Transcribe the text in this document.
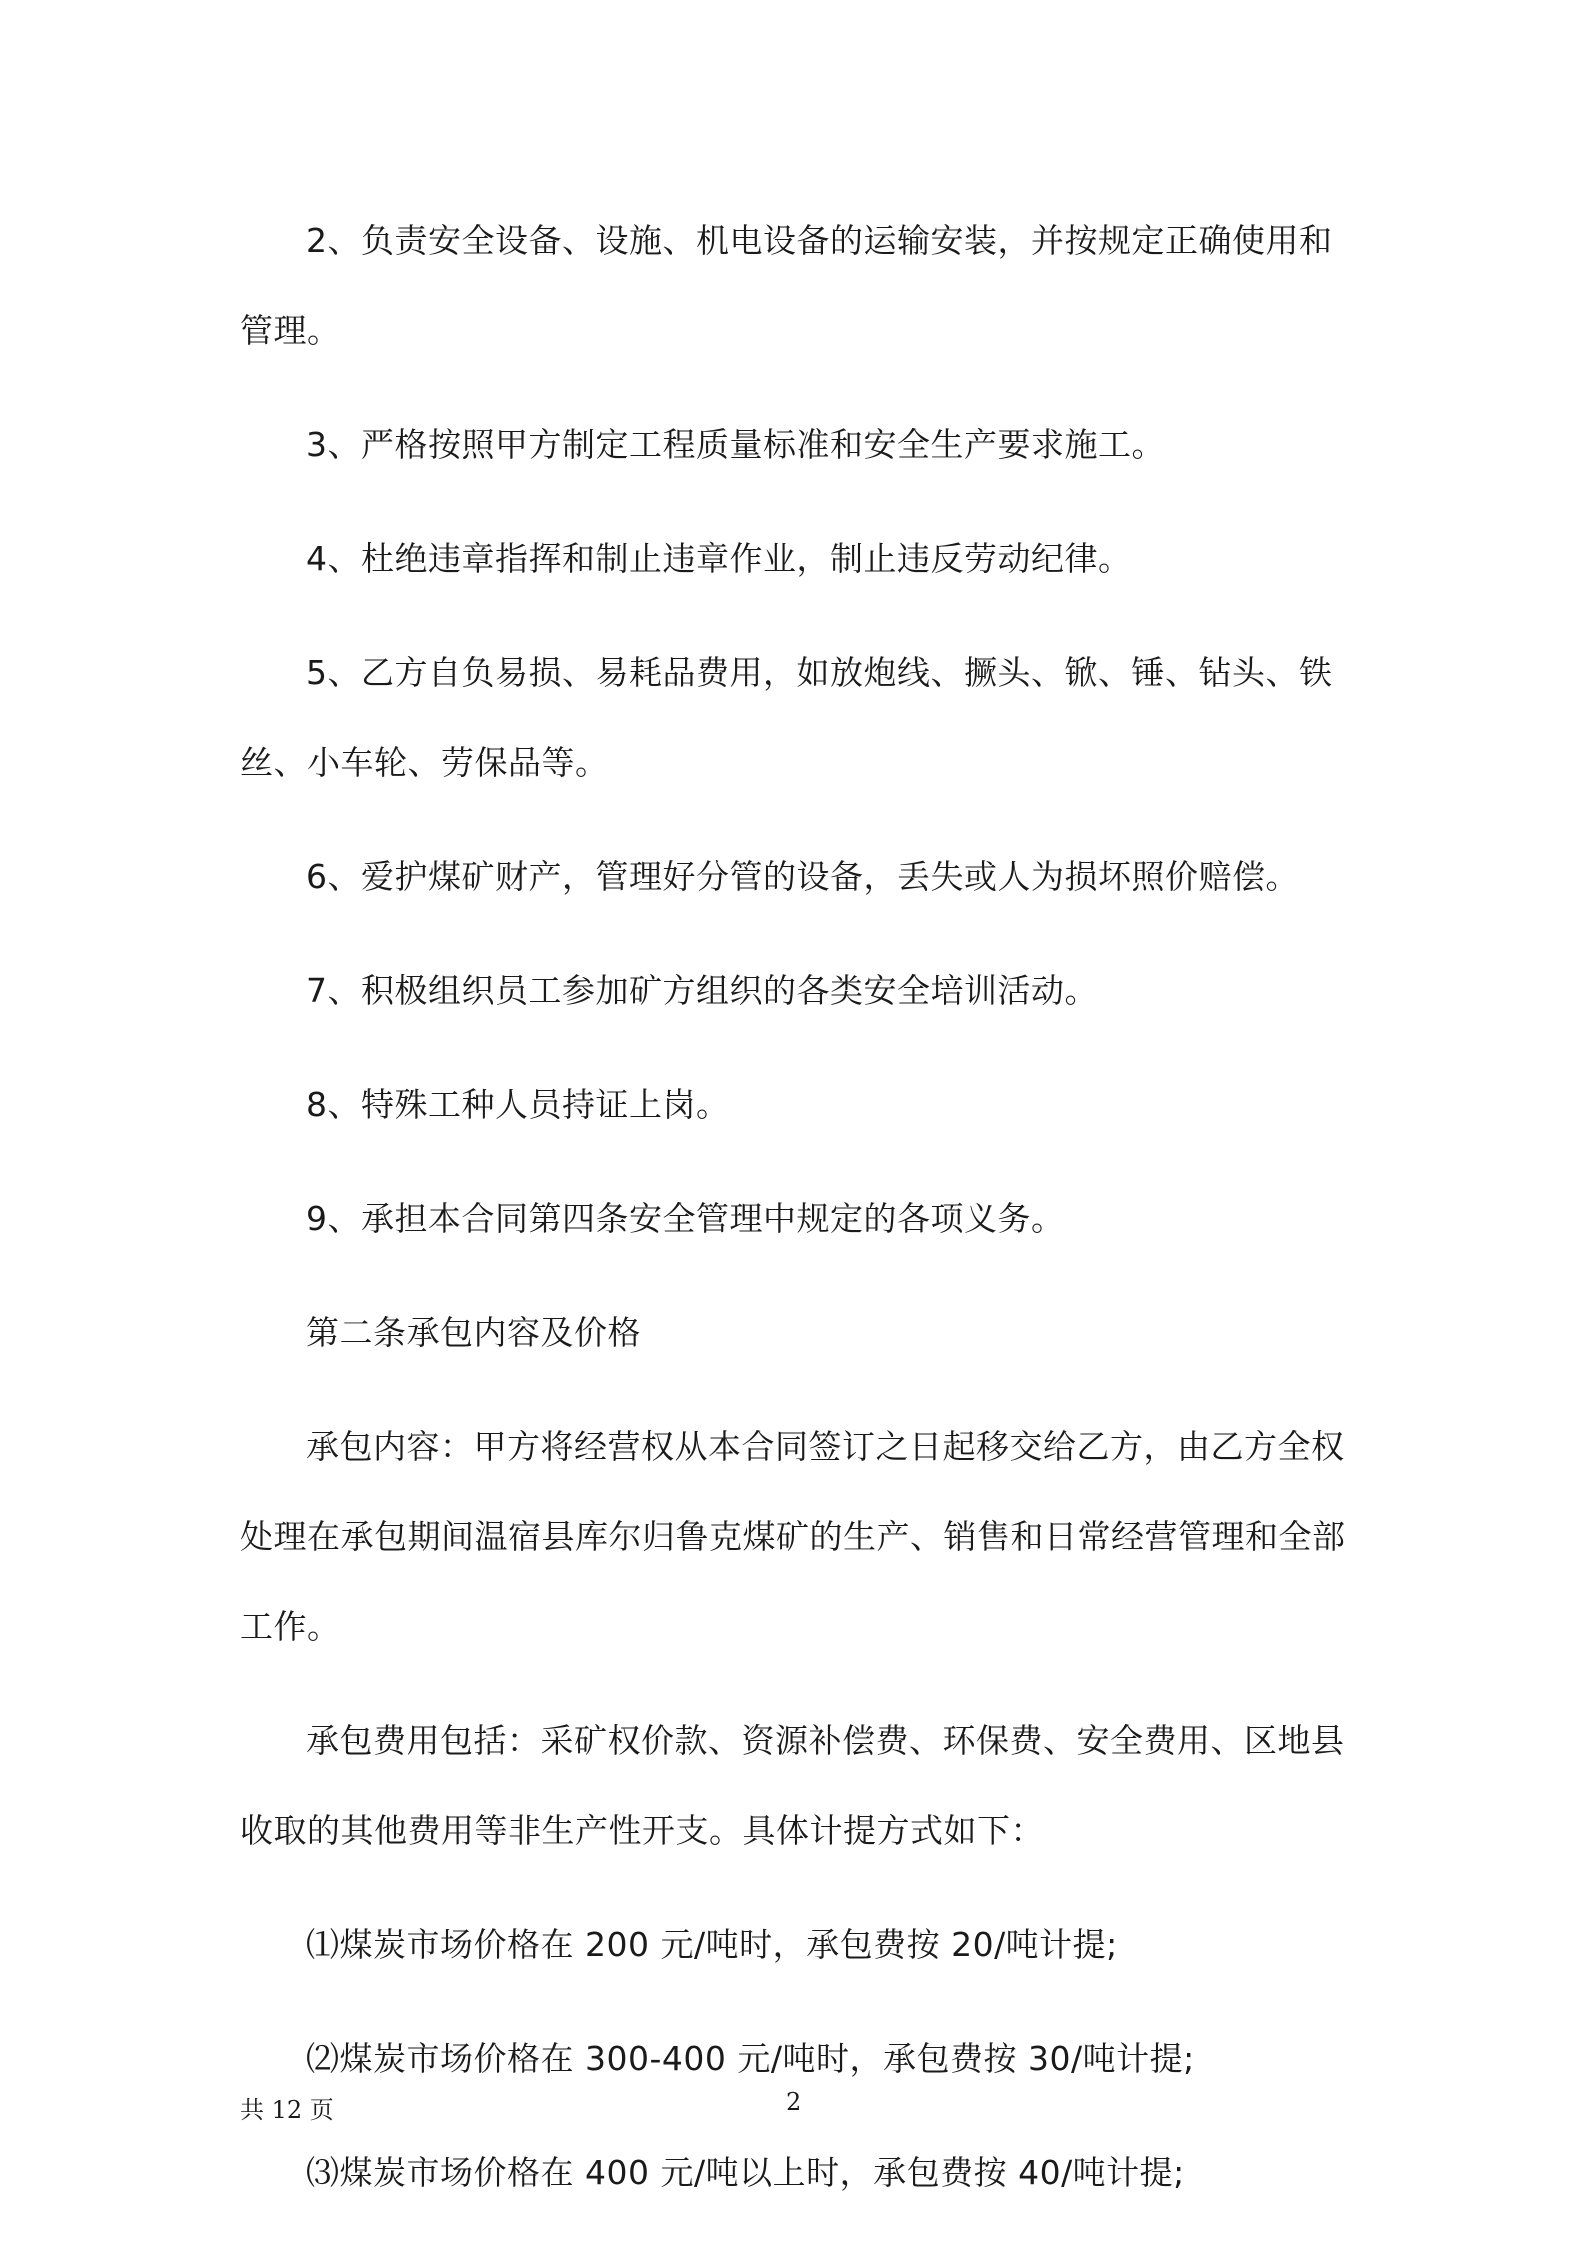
2、负责安全设备、设施、机电设备的运输安装，并按规定正确使用和管理。

3、严格按照甲方制定工程质量标准和安全生产要求施工。

4、杜绝违章指挥和制止违章作业，制止违反劳动纪律。

5、乙方自负易损、易耗品费用，如放炮线、撅头、锨、锤、钻头、铁丝、小车轮、劳保品等。

6、爱护煤矿财产，管理好分管的设备，丢失或人为损坏照价赔偿。

7、积极组织员工参加矿方组织的各类安全培训活动。

8、特殊工种人员持证上岗。

9、承担本合同第四条安全管理中规定的各项义务。

第二条承包内容及价格

承包内容：甲方将经营权从本合同签订之日起移交给乙方，由乙方全权处理在承包期间温宿县库尔归鲁克煤矿的生产、销售和日常经营管理和全部工作。

承包费用包括：采矿权价款、资源补偿费、环保费、安全费用、区地县收取的其他费用等非生产性开支。具体计提方式如下：

⑴煤炭市场价格在 200 元/吨时，承包费按 20/吨计提;

⑵煤炭市场价格在 300-400 元/吨时，承包费按 30/吨计提;

⑶煤炭市场价格在 400 元/吨以上时，承包费按 40/吨计提;

共 12 页	2
